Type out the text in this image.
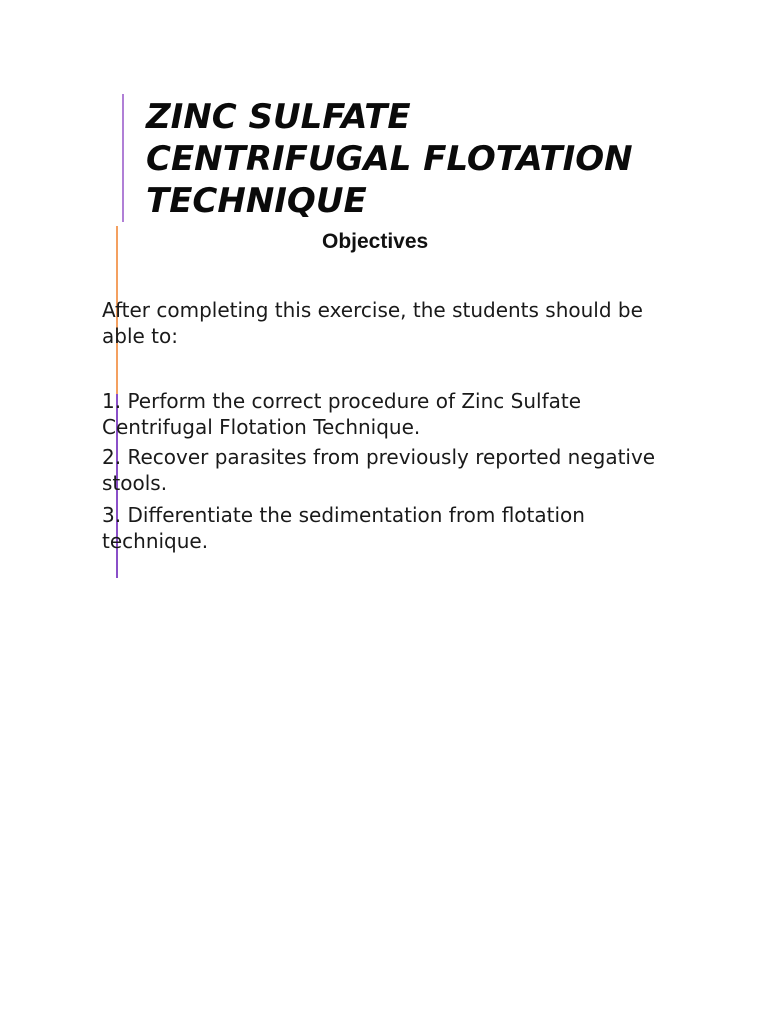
ZINC SULFATE
CENTRIFUGAL FLOTATION
TECHNIQUE
Objectives

After completing this exercise, the students should be able to:

1. Perform the correct procedure of Zinc Sulfate Centrifugal Flotation Technique.

2. Recover parasites from previously reported negative stools.

3. Differentiate the sedimentation from flotation technique.
